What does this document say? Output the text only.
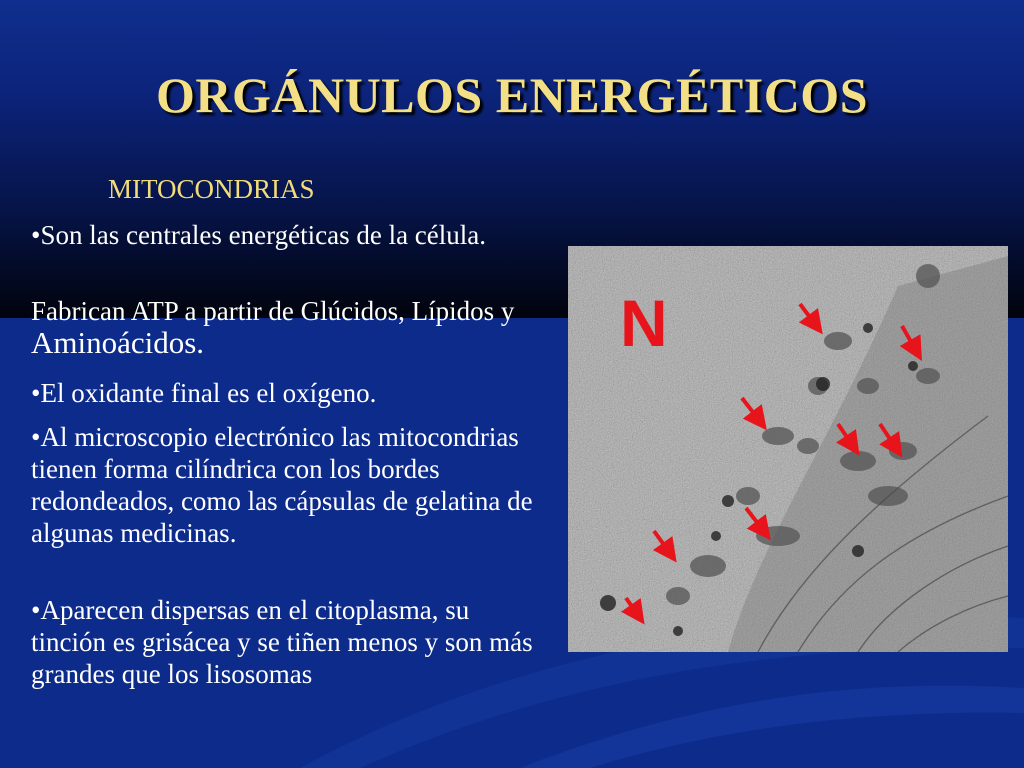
ORGÁNULOS ENERGÉTICOS
MITOCONDRIAS
•Son las centrales energéticas de la célula.
Fabrican ATP a partir de Glúcidos, Lípidos y Aminoácidos.
•El oxidante final es el oxígeno.
•Al microscopio electrónico las mitocondrias tienen forma cilíndrica con los bordes redondeados, como las cápsulas de gelatina de algunas medicinas.
•Aparecen dispersas en el citoplasma, su tinción es grisácea y se tiñen menos y son más grandes que los lisosomas
N
